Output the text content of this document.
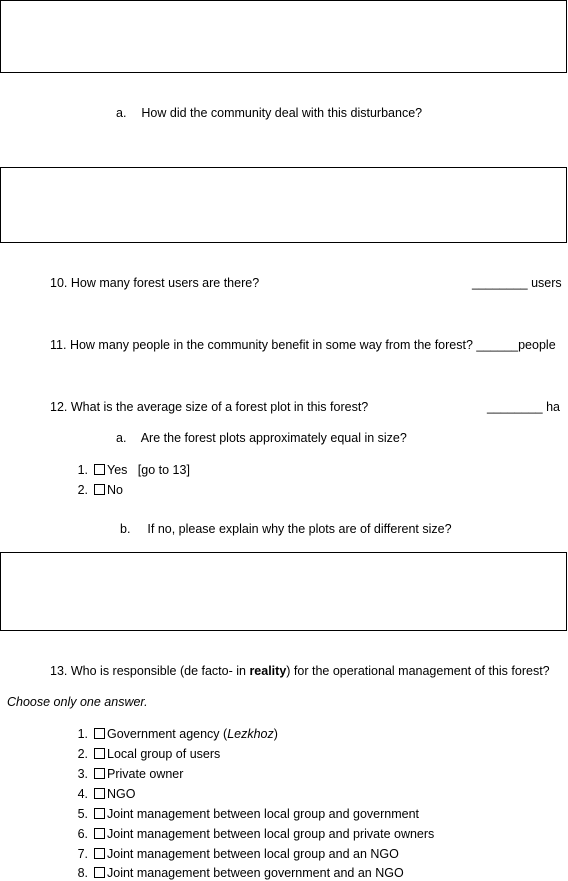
a. How did the community deal with this disturbance?
10. How many forest users are there?	________ users
11. How many people in the community benefit in some way from the forest? ______people
12. What is the average size of a forest plot in this forest?	________ ha
a. Are the forest plots approximately equal in size?
1. Yes   [go to 13]
2. No
b. If no, please explain why the plots are of different size?
13. Who is responsible (de facto- in reality) for the operational management of this forest?
Choose only one answer.
1. Government agency (Lezkhoz)
2. Local group of users
3. Private owner
4. NGO
5. Joint management between local group and government
6. Joint management between local group and private owners
7. Joint management between local group and an NGO
8. Joint management between government and an NGO
